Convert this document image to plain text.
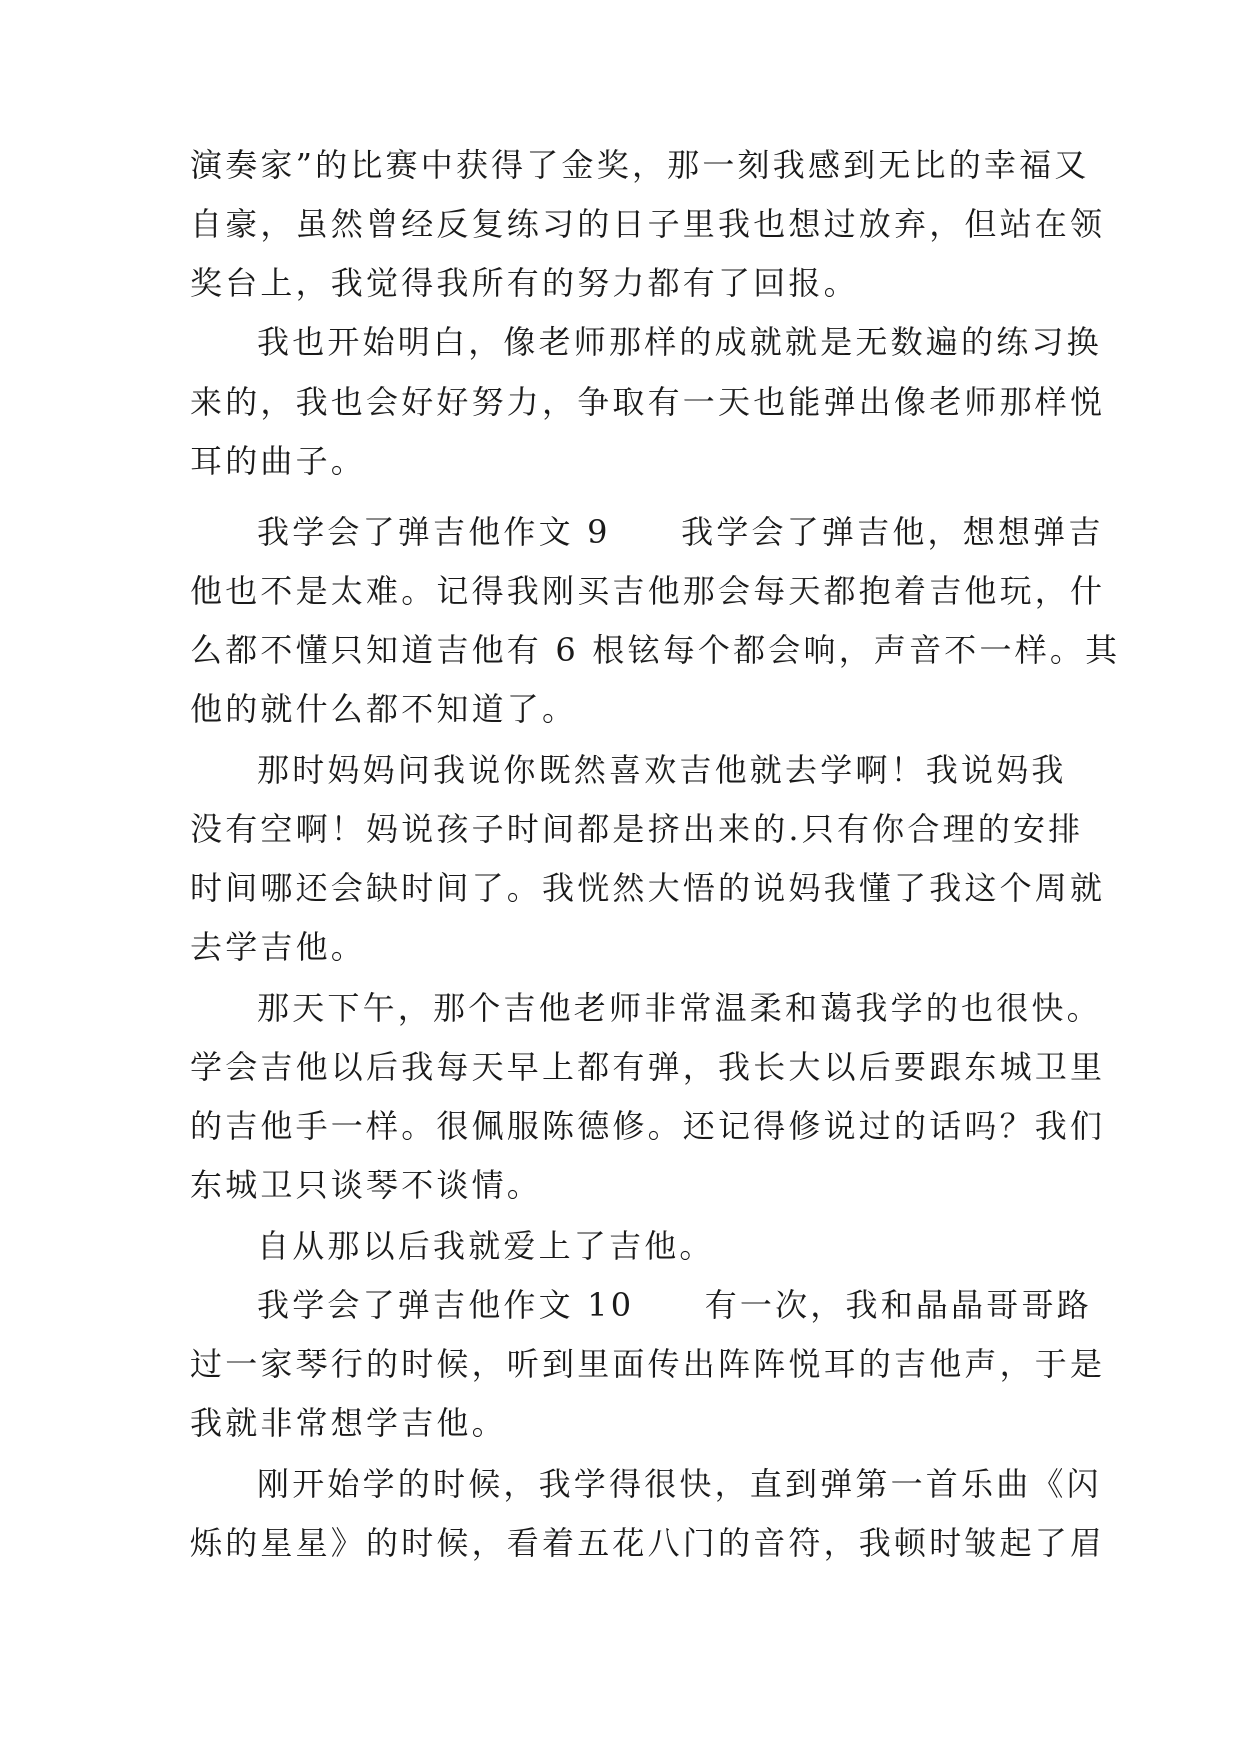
演奏家”的比赛中获得了金奖，那一刻我感到无比的幸福又
自豪，虽然曾经反复练习的日子里我也想过放弃，但站在领
奖台上，我觉得我所有的努力都有了回报。
我也开始明白，像老师那样的成就就是无数遍的练习换
来的，我也会好好努力，争取有一天也能弹出像老师那样悦
耳的曲子。
我学会了弹吉他作文 9　　我学会了弹吉他，想想弹吉
他也不是太难。记得我刚买吉他那会每天都抱着吉他玩，什
么都不懂只知道吉他有 6 根铉每个都会响，声音不一样。其
他的就什么都不知道了。
那时妈妈问我说你既然喜欢吉他就去学啊！我说妈我
没有空啊！妈说孩子时间都是挤出来的.只有你合理的安排
时间哪还会缺时间了。我恍然大悟的说妈我懂了我这个周就
去学吉他。
那天下午，那个吉他老师非常温柔和蔼我学的也很快。
学会吉他以后我每天早上都有弹，我长大以后要跟东城卫里
的吉他手一样。很佩服陈德修。还记得修说过的话吗？我们
东城卫只谈琴不谈情。
自从那以后我就爱上了吉他。
我学会了弹吉他作文 10　　有一次，我和晶晶哥哥路
过一家琴行的时候，听到里面传出阵阵悦耳的吉他声，于是
我就非常想学吉他。
刚开始学的时候，我学得很快，直到弹第一首乐曲《闪
烁的星星》的时候，看着五花八门的音符，我顿时皱起了眉
